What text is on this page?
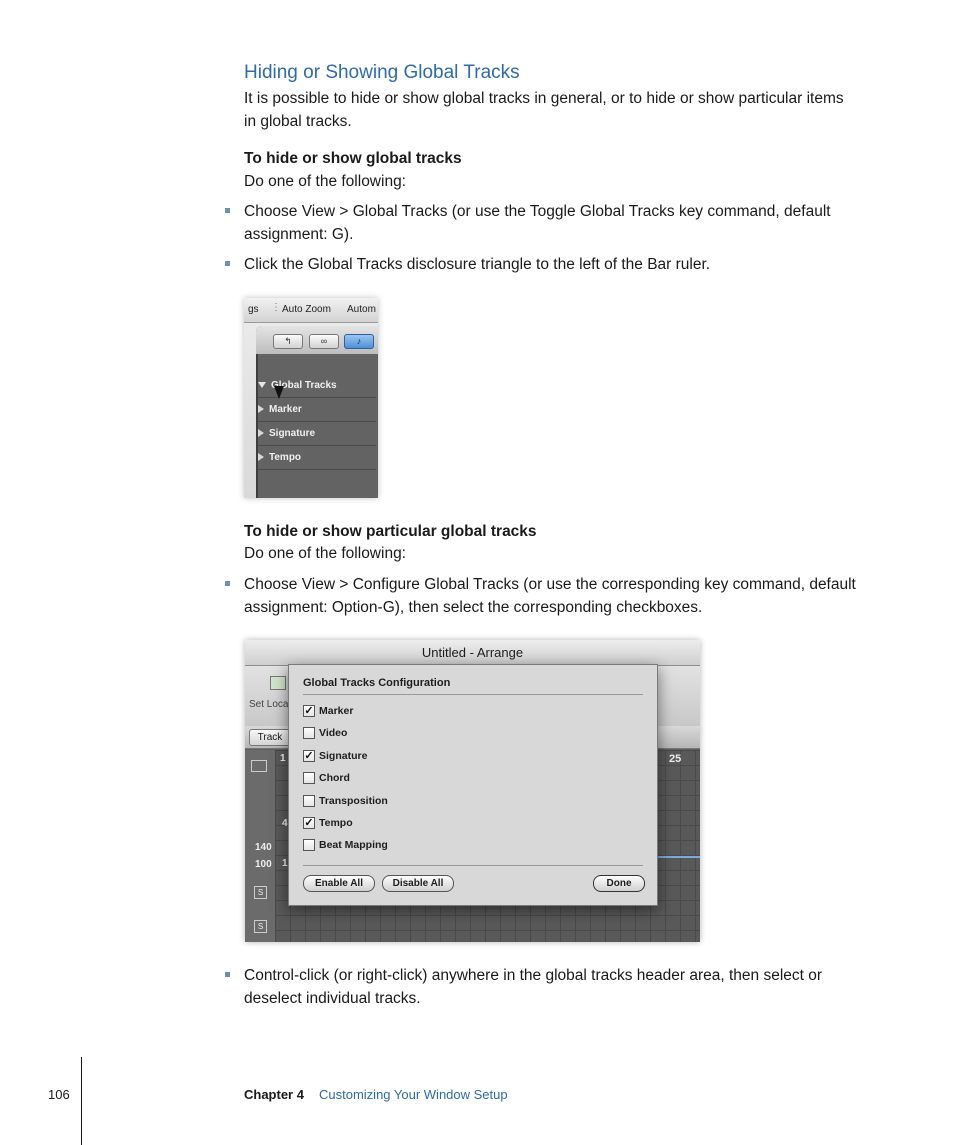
Hiding or Showing Global Tracks
It is possible to hide or show global tracks in general, or to hide or show particular items
in global tracks.
To hide or show global tracks
Do one of the following:
Choose View > Global Tracks (or use the Toggle Global Tracks key command, default
assignment: G).
Click the Global Tracks disclosure triangle to the left of the Bar ruler.
gs ⋮ Auto Zoom Autom
↰	∞	♪
Global Tracks
Marker
Signature
Tempo
To hide or show particular global tracks
Do one of the following:
Choose View > Configure Global Tracks (or use the corresponding key command, default
assignment: Option-G), then select the corresponding checkboxes.
Untitled - Arrange
Set Loca
Track
S
S
140
100
1
4
1
25
Global Tracks Configuration
✓ Marker
Video
✓ Signature
Chord
Transposition
✓ Tempo
Beat Mapping
Enable All	Disable All	Done
Control-click (or right-click) anywhere in the global tracks header area, then select or
deselect individual tracks.
106	Chapter 4 Customizing Your Window Setup
